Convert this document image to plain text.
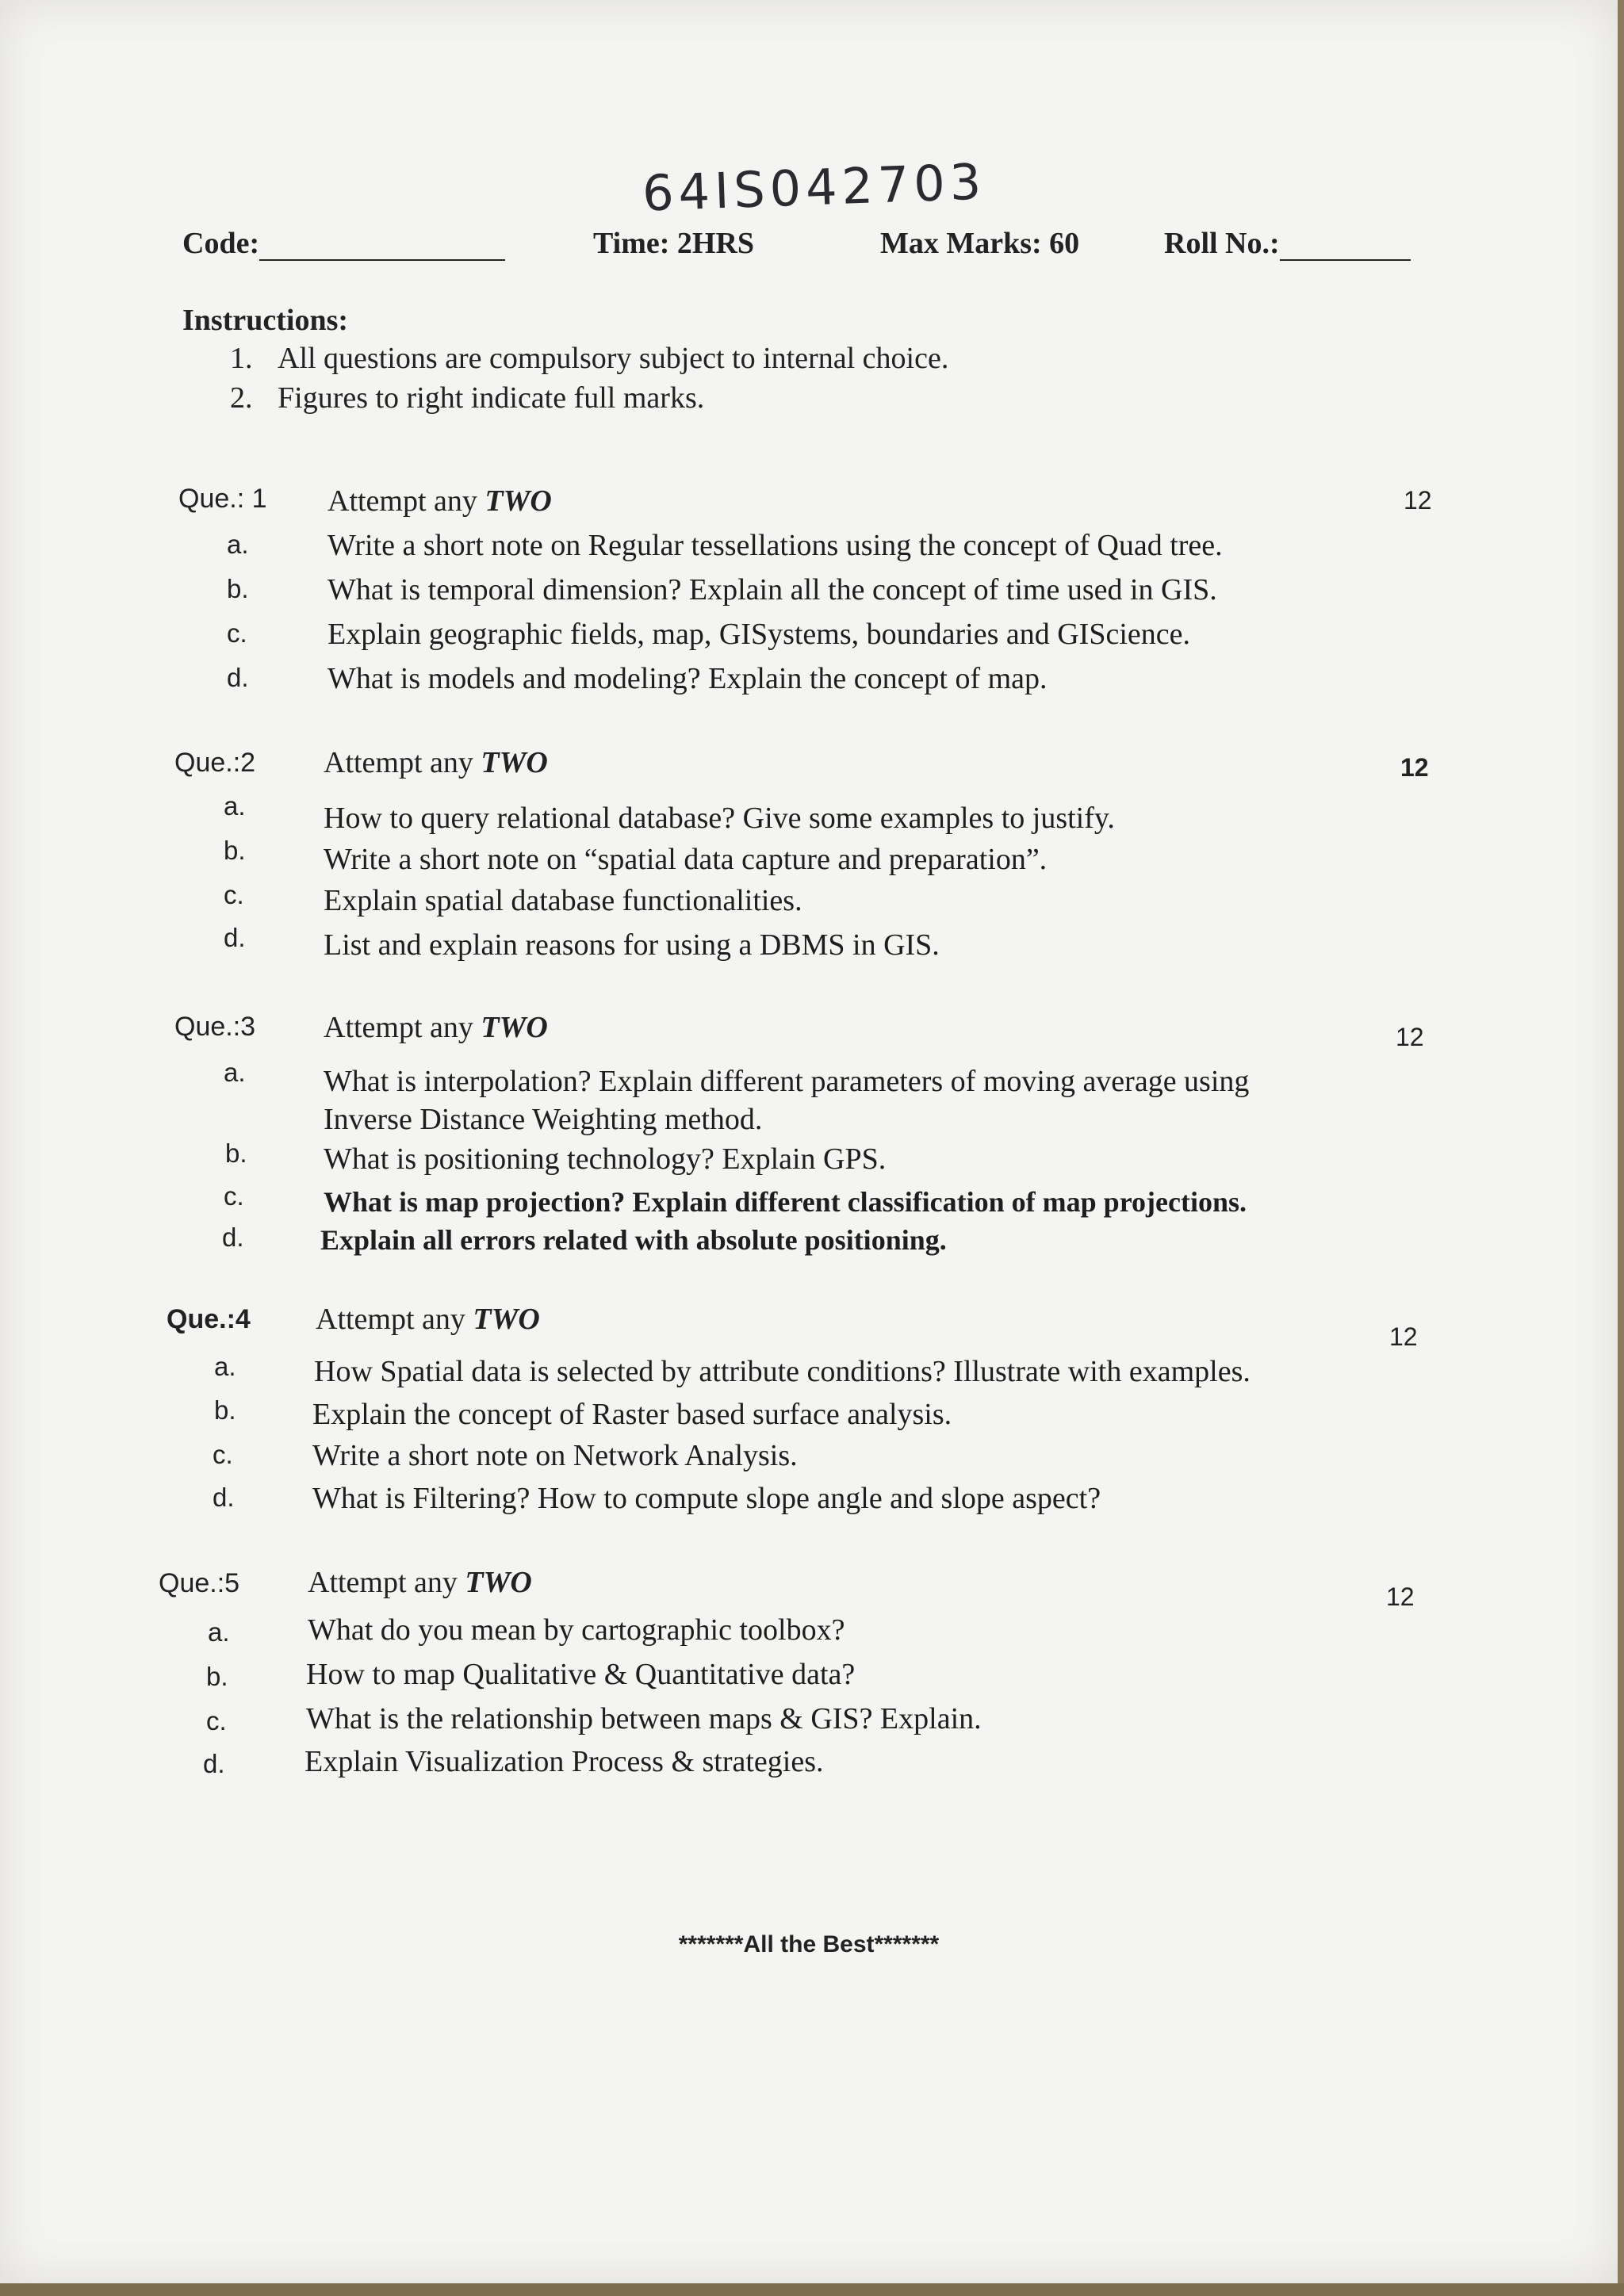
64IS042703
Code:	Time: 2HRS	Max Marks: 60	Roll No.:
Instructions:
1. All questions are compulsory subject to internal choice.
2. Figures to right indicate full marks.
Que.: 1 Attempt any TWO	12
a.	Write a short note on Regular tessellations using the concept of Quad tree.
b.	What is temporal dimension? Explain all the concept of time used in GIS.
c.	Explain geographic fields, map, GISystems, boundaries and GIScience.
d.	What is models and modeling? Explain the concept of map.
Que.:2 Attempt any TWO	12
a.	How to query relational database? Give some examples to justify.
b.	Write a short note on “spatial data capture and preparation”.
c.	Explain spatial database functionalities.
d.	List and explain reasons for using a DBMS in GIS.
Que.:3 Attempt any TWO	12
a.	What is interpolation? Explain different parameters of moving average using Inverse Distance Weighting method.
b.	What is positioning technology? Explain GPS.
c.	What is map projection? Explain different classification of map projections.
d.	Explain all errors related with absolute positioning.
Que.:4 Attempt any TWO
12
a.	How Spatial data is selected by attribute conditions? Illustrate with examples.
b.	Explain the concept of Raster based surface analysis.
c.	Write a short note on Network Analysis.
d.	What is Filtering? How to compute slope angle and slope aspect?
Que.:5 Attempt any TWO	12
a.	What do you mean by cartographic toolbox?
b.	How to map Qualitative & Quantitative data?
c.	What is the relationship between maps & GIS? Explain.
d.	Explain Visualization Process & strategies.
*******All the Best*******
